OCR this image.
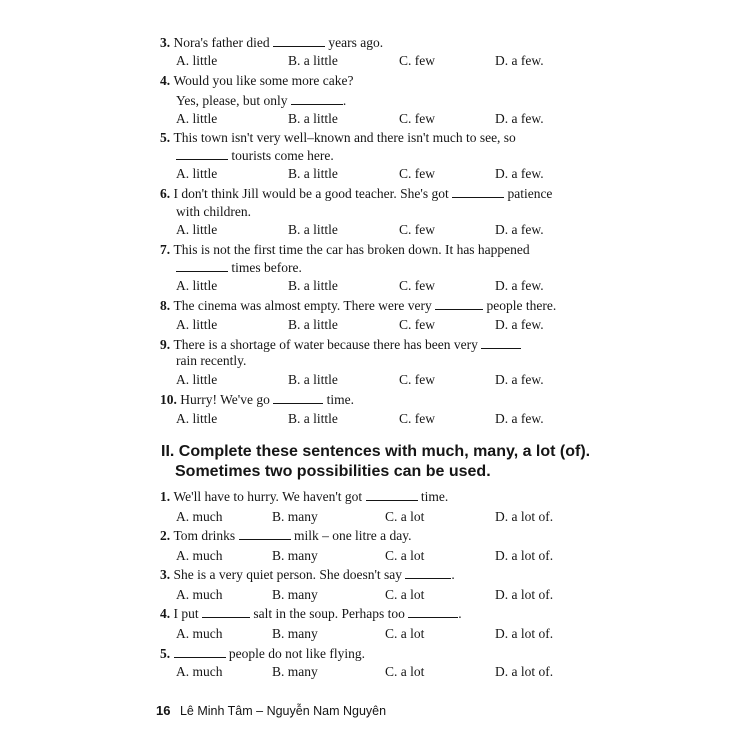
3. Nora's father died	years ago.
A. little	B. a little	C. few	D. a few.
4. Would you like some more cake?
Yes, please, but only	.
A. little	B. a little	C. few	D. a few.
5. This town isn't very well–known and there isn't much to see, so
tourists come here.
A. little	B. a little	C. few	D. a few.
6. I don't think Jill would be a good teacher. She's got	patience
with children.
A. little	B. a little	C. few	D. a few.
7. This is not the first time the car has broken down. It has happened
times before.
A. little	B. a little	C. few	D. a few.
8. The cinema was almost empty. There were very	people there.
A. little	B. a little	C. few	D. a few.
9. There is a shortage of water because there has been very
rain recently.
A. little	B. a little	C. few	D. a few.
10. Hurry! We've go	time.
A. little	B. a little	C. few	D. a few.
1. We'll have to hurry. We haven't got	time.
A. much	B. many	C. a lot	D. a lot of.
2. Tom drinks	milk – one litre a day.
A. much	B. many	C. a lot	D. a lot of.
3. She is a very quiet person. She doesn't say	.
A. much	B. many	C. a lot	D. a lot of.
4. I put	salt in the soup. Perhaps too	.
A. much	B. many	C. a lot	D. a lot of.
5.	people do not like flying.
A. much	B. many	C. a lot	D. a lot of.
II. Complete these sentences with much, many, a lot (of).
Sometimes two possibilities can be used.
16 Lê Minh Tâm – Nguyễn Nam Nguyên
